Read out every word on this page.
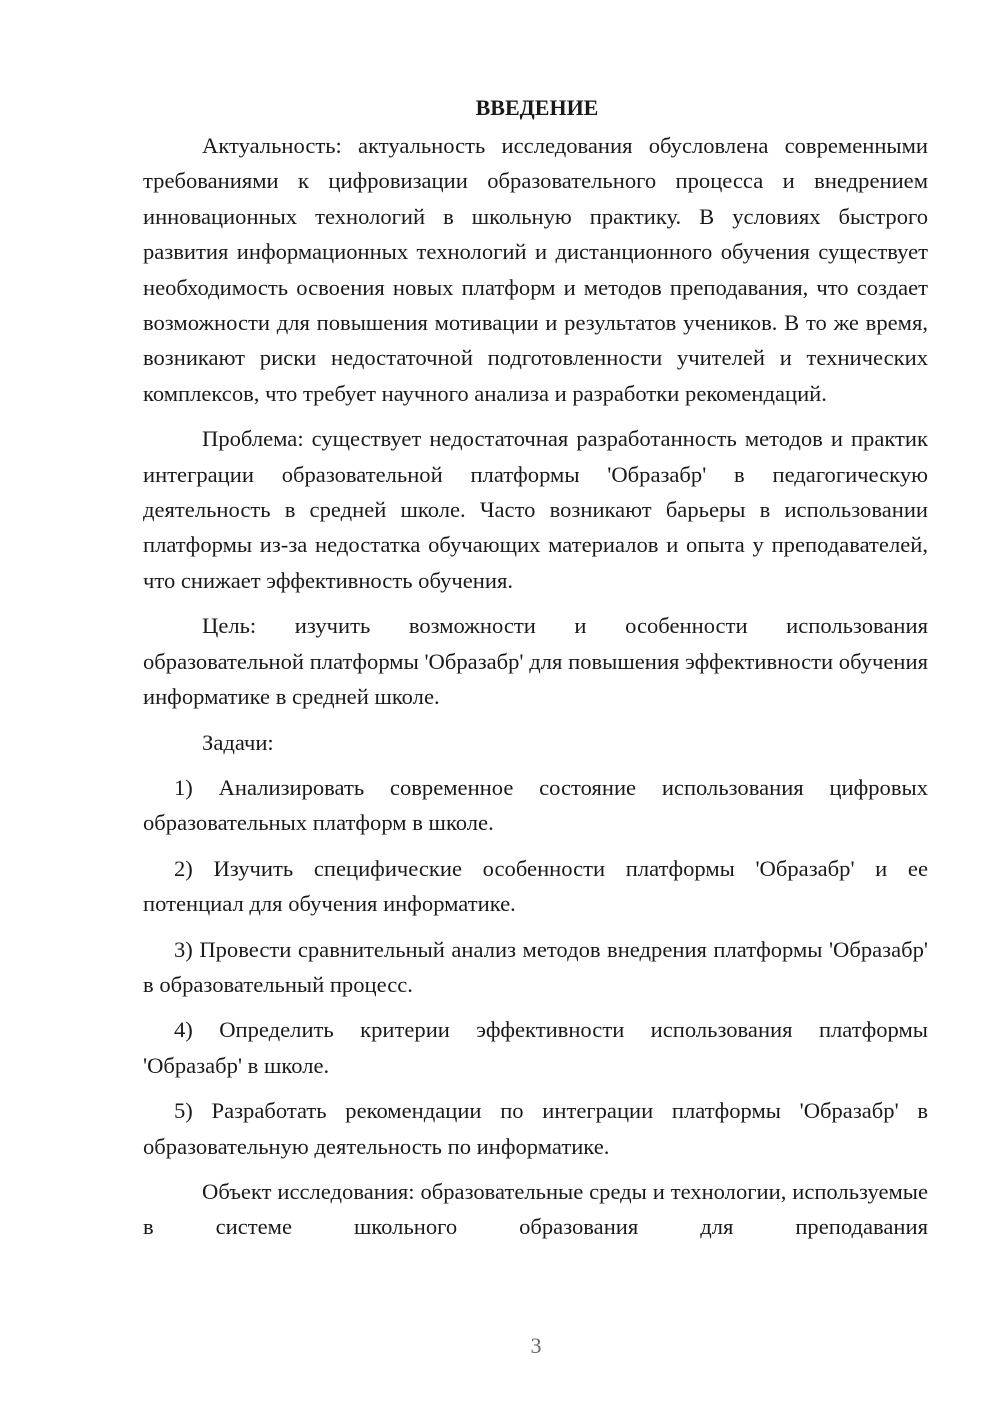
ВВЕДЕНИЕ

Актуальность: актуальность исследования обусловлена современными требованиями к цифровизации образовательного процесса и внедрением инновационных технологий в школьную практику. В условиях быстрого развития информационных технологий и дистанционного обучения существует необходимость освоения новых платформ и методов преподавания, что создает возможности для повышения мотивации и результатов учеников. В то же время, возникают риски недостаточной подготовленности учителей и технических комплексов, что требует научного анализа и разработки рекомендаций.

Проблема: существует недостаточная разработанность методов и практик интеграции образовательной платформы 'Образабр' в педагогическую деятельность в средней школе. Часто возникают барьеры в использовании платформы из-за недостатка обучающих материалов и опыта у преподавателей, что снижает эффективность обучения.

Цель: изучить возможности и особенности использования образовательной платформы 'Образабр' для повышения эффективности обучения информатике в средней школе.

Задачи:

1) Анализировать современное состояние использования цифровых образовательных платформ в школе.

2) Изучить специфические особенности платформы 'Образабр' и ее потенциал для обучения информатике.

3) Провести сравнительный анализ методов внедрения платформы 'Образабр' в образовательный процесс.

4) Определить критерии эффективности использования платформы 'Образабр' в школе.

5) Разработать рекомендации по интеграции платформы 'Образабр' в образовательную деятельность по информатике.

Объект исследования: образовательные среды и технологии, используемые в системе школьного образования для преподавания

3
